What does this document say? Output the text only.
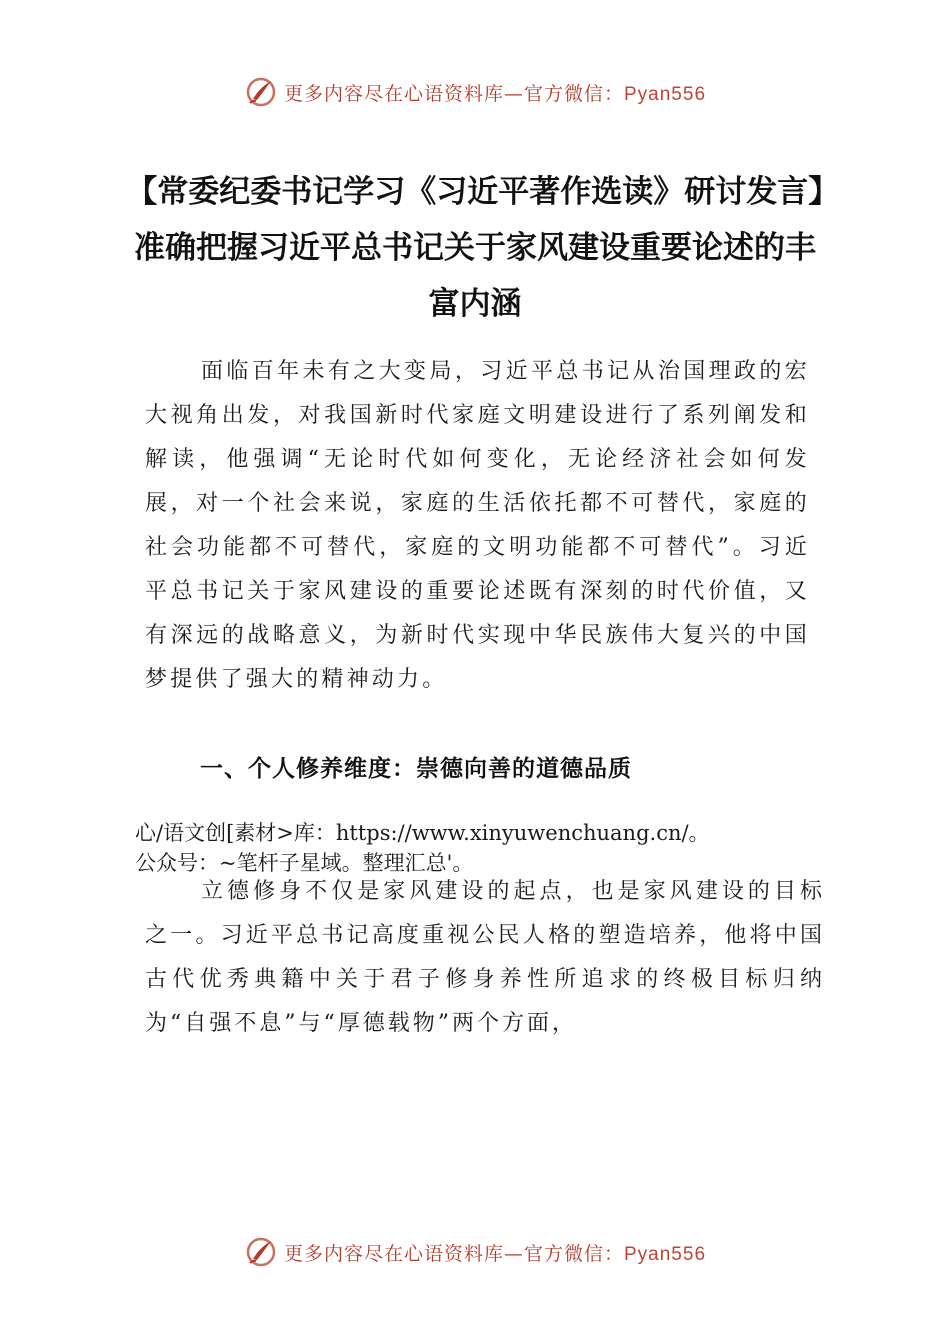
更多内容尽在心语资料库—官方微信：Pyan556
【常委纪委书记学习《习近平著作选读》研讨发言】准确把握习近平总书记关于家风建设重要论述的丰富内涵

面临百年未有之大变局，习近平总书记从治国理政的宏大视角出发，对我国新时代家庭文明建设进行了系列阐发和解读，他强调“无论时代如何变化，无论经济社会如何发展，对一个社会来说，家庭的生活依托都不可替代，家庭的社会功能都不可替代，家庭的文明功能都不可替代”。习近平总书记关于家风建设的重要论述既有深刻的时代价值，又有深远的战略意义，为新时代实现中华民族伟大复兴的中国梦提供了强大的精神动力。

一、个人修养维度：崇德向善的道德品质
心/语文创[素材>库：https://www.xinyuwenchuang.cn/。
公众号：~笔杆子星域。整理汇总'。

立德修身不仅是家风建设的起点，也是家风建设的目标之一。习近平总书记高度重视公民人格的塑造培养，他将中国古代优秀典籍中关于君子修身养性所追求的终极目标归纳为“自强不息”与“厚德载物”两个方面，

更多内容尽在心语资料库—官方微信：Pyan556
